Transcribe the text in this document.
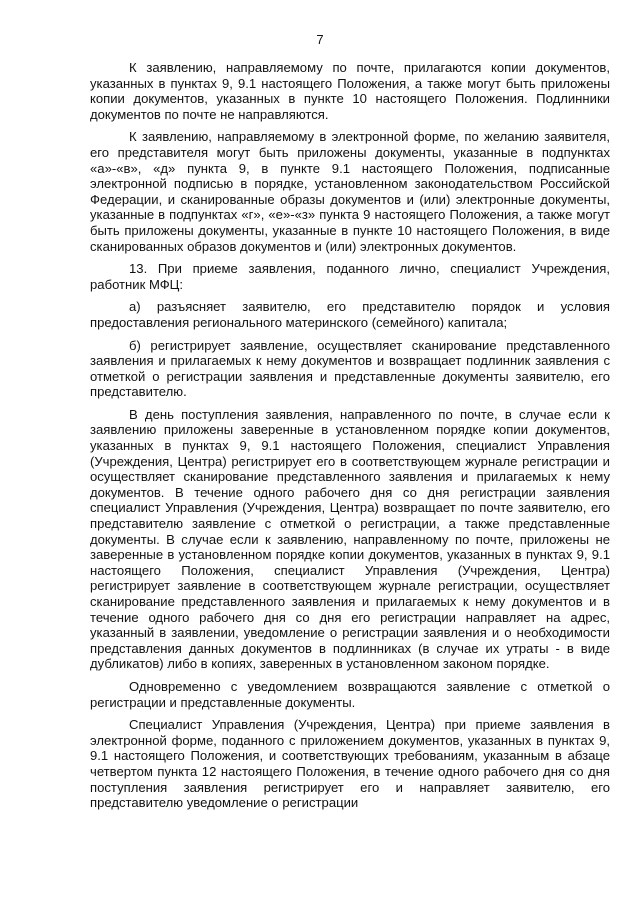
7

К заявлению, направляемому по почте, прилагаются копии документов, указанных в пунктах 9, 9.1 настоящего Положения, а также могут быть приложены копии документов, указанных в пункте 10 настоящего Положения. Подлинники документов по почте не направляются.

К заявлению, направляемому в электронной форме, по желанию заявителя, его представителя могут быть приложены документы, указанные в подпунктах «а»-«в», «д» пункта 9, в пункте 9.1 настоящего Положения, подписанные электронной подписью в порядке, установленном законодательством Российской Федерации, и сканированные образы документов и (или) электронные документы, указанные в подпунктах «г», «е»-«з» пункта 9 настоящего Положения, а также могут быть приложены документы, указанные в пункте 10 настоящего Положения, в виде сканированных образов документов и (или) электронных документов.

13. При приеме заявления, поданного лично, специалист Учреждения, работник МФЦ:

а) разъясняет заявителю, его представителю порядок и условия предоставления регионального материнского (семейного) капитала;

б) регистрирует заявление, осуществляет сканирование представленного заявления и прилагаемых к нему документов и возвращает подлинник заявления с отметкой о регистрации заявления и представленные документы заявителю, его представителю.

В день поступления заявления, направленного по почте, в случае если к заявлению приложены заверенные в установленном порядке копии документов, указанных в пунктах 9, 9.1 настоящего Положения, специалист Управления (Учреждения, Центра) регистрирует его в соответствующем журнале регистрации и осуществляет сканирование представленного заявления и прилагаемых к нему документов. В течение одного рабочего дня со дня регистрации заявления специалист Управления (Учреждения, Центра) возвращает по почте заявителю, его представителю заявление с отметкой о регистрации, а также представленные документы. В случае если к заявлению, направленному по почте, приложены не заверенные в установленном порядке копии документов, указанных в пунктах 9, 9.1 настоящего Положения, специалист Управления (Учреждения, Центра) регистрирует заявление в соответствующем журнале регистрации, осуществляет сканирование представленного заявления и прилагаемых к нему документов и в течение одного рабочего дня со дня его регистрации направляет на адрес, указанный в заявлении, уведомление о регистрации заявления и о необходимости представления данных документов в подлинниках (в случае их утраты - в виде дубликатов) либо в копиях, заверенных в установленном законом порядке.

Одновременно с уведомлением возвращаются заявление с отметкой о регистрации и представленные документы.

Специалист Управления (Учреждения, Центра) при приеме заявления в электронной форме, поданного с приложением документов, указанных в пунктах 9, 9.1 настоящего Положения, и соответствующих требованиям, указанным в абзаце четвертом пункта 12 настоящего Положения, в течение одного рабочего дня со дня поступления заявления регистрирует его и направляет заявителю, его представителю уведомление о регистрации
